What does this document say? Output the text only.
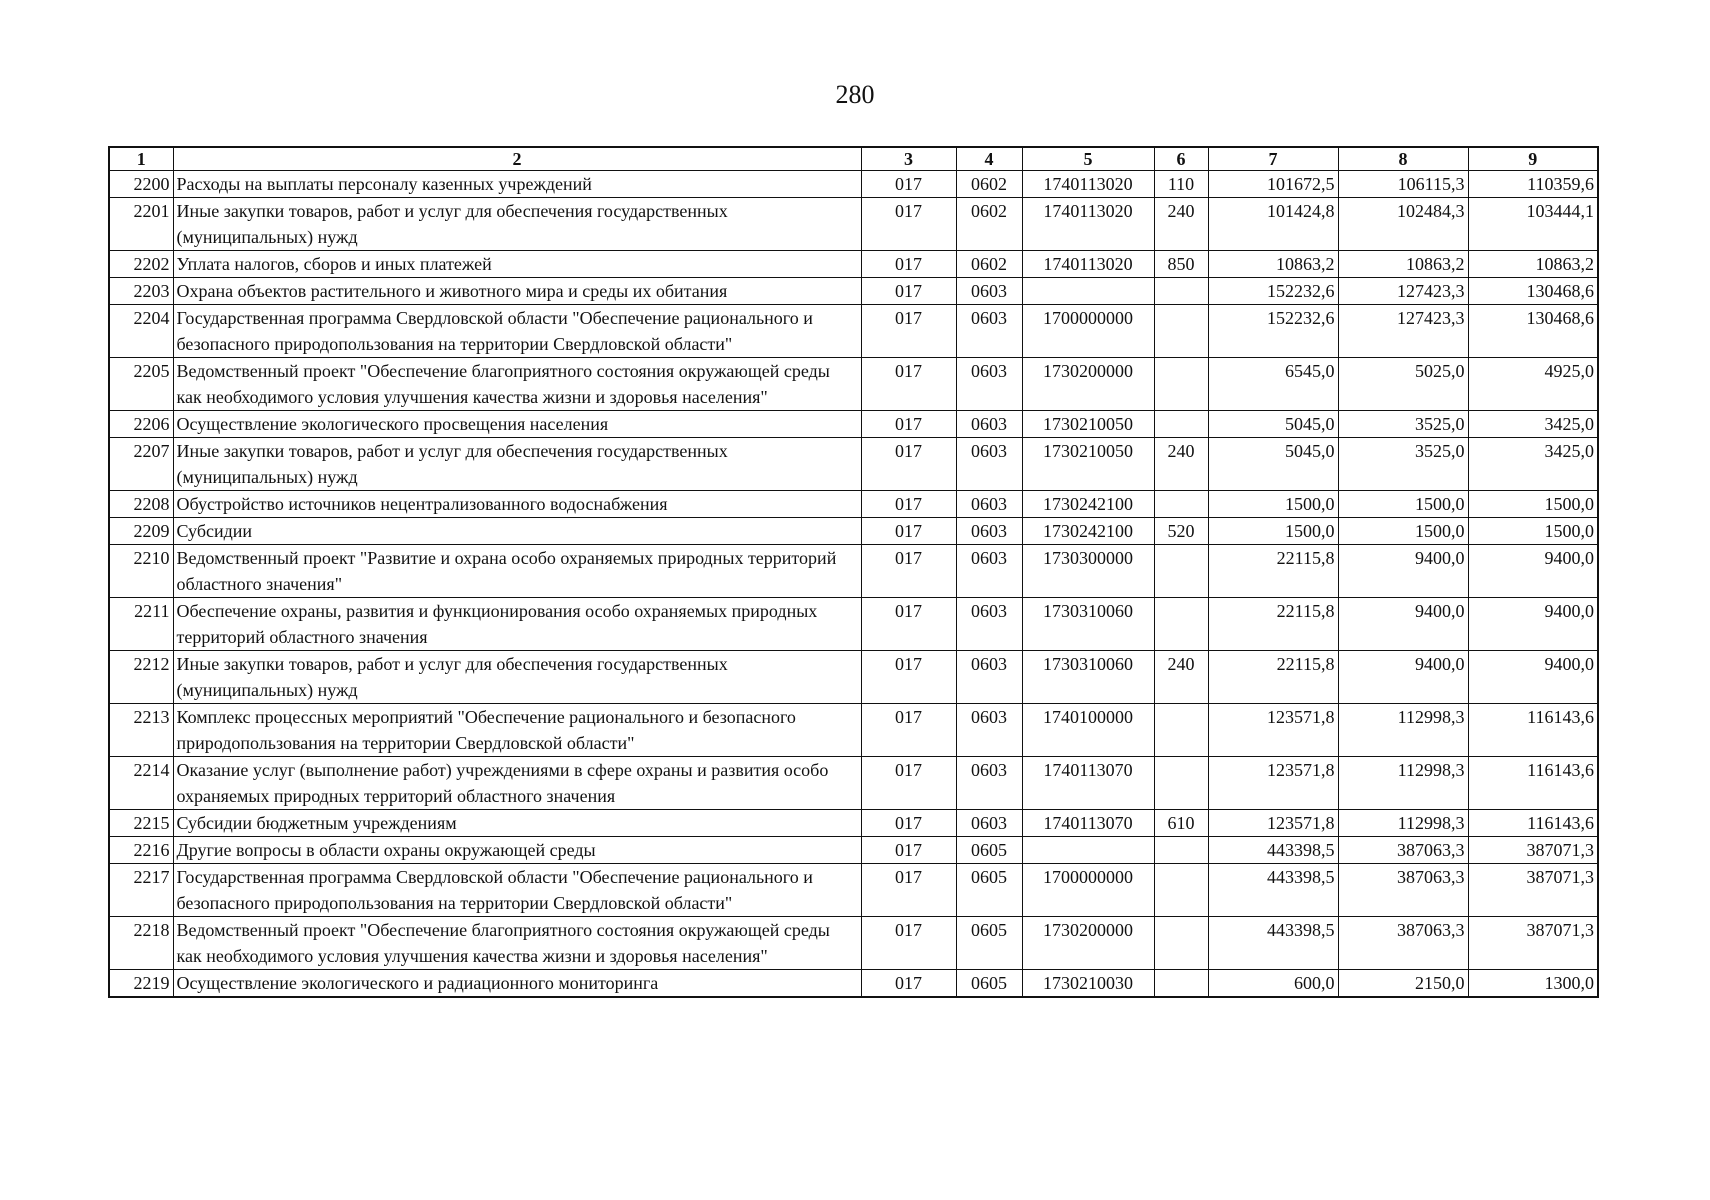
280
1	2	3	4	5	6	7	8	9
2200	Расходы на выплаты персоналу казенных учреждений	017	0602	1740113020	110	101672,5	106115,3	110359,6
2201	Иные закупки товаров, работ и услуг для обеспечения государственных (муниципальных) нужд	017	0602	1740113020	240	101424,8	102484,3	103444,1
2202	Уплата налогов, сборов и иных платежей	017	0602	1740113020	850	10863,2	10863,2	10863,2
2203	Охрана объектов растительного и животного мира и среды их обитания	017	0603			152232,6	127423,3	130468,6
2204	Государственная программа Свердловской области "Обеспечение рационального и безопасного природопользования на территории Свердловской области"	017	0603	1700000000		152232,6	127423,3	130468,6
2205	Ведомственный проект "Обеспечение благоприятного состояния окружающей среды как необходимого условия улучшения качества жизни и здоровья населения"	017	0603	1730200000		6545,0	5025,0	4925,0
2206	Осуществление экологического просвещения населения	017	0603	1730210050		5045,0	3525,0	3425,0
2207	Иные закупки товаров, работ и услуг для обеспечения государственных (муниципальных) нужд	017	0603	1730210050	240	5045,0	3525,0	3425,0
2208	Обустройство источников нецентрализованного водоснабжения	017	0603	1730242100		1500,0	1500,0	1500,0
2209	Субсидии	017	0603	1730242100	520	1500,0	1500,0	1500,0
2210	Ведомственный проект "Развитие и охрана особо охраняемых природных территорий областного значения"	017	0603	1730300000		22115,8	9400,0	9400,0
2211	Обеспечение охраны, развития и функционирования особо охраняемых природных территорий областного значения	017	0603	1730310060		22115,8	9400,0	9400,0
2212	Иные закупки товаров, работ и услуг для обеспечения государственных (муниципальных) нужд	017	0603	1730310060	240	22115,8	9400,0	9400,0
2213	Комплекс процессных мероприятий "Обеспечение рационального и безопасного природопользования на территории Свердловской области"	017	0603	1740100000		123571,8	112998,3	116143,6
2214	Оказание услуг (выполнение работ) учреждениями в сфере охраны и развития особо охраняемых природных территорий областного значения	017	0603	1740113070		123571,8	112998,3	116143,6
2215	Субсидии бюджетным учреждениям	017	0603	1740113070	610	123571,8	112998,3	116143,6
2216	Другие вопросы в области охраны окружающей среды	017	0605			443398,5	387063,3	387071,3
2217	Государственная программа Свердловской области "Обеспечение рационального и безопасного природопользования на территории Свердловской области"	017	0605	1700000000		443398,5	387063,3	387071,3
2218	Ведомственный проект "Обеспечение благоприятного состояния окружающей среды как необходимого условия улучшения качества жизни и здоровья населения"	017	0605	1730200000		443398,5	387063,3	387071,3
2219	Осуществление экологического и радиационного мониторинга	017	0605	1730210030		600,0	2150,0	1300,0
